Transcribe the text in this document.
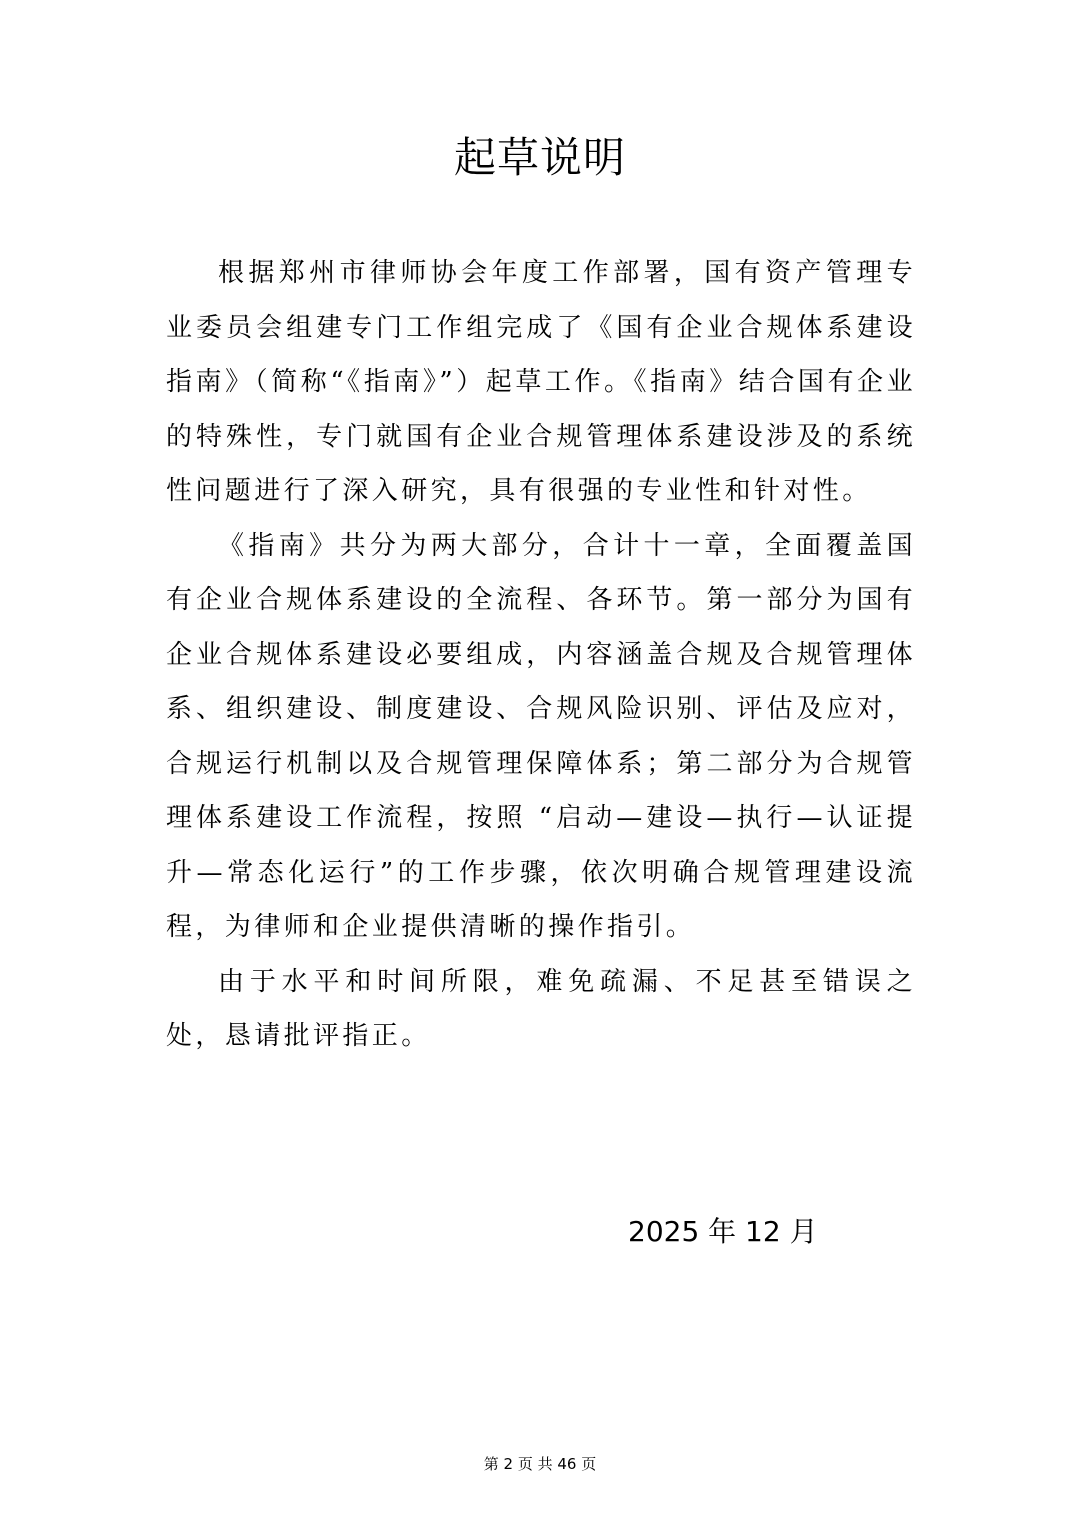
起草说明

根据郑州市律师协会年度工作部署，国有资产管理专业委员会组建专门工作组完成了《国有企业合规体系建设指南》（简称“《指南》”）起草工作。《指南》结合国有企业的特殊性，专门就国有企业合规管理体系建设涉及的系统性问题进行了深入研究，具有很强的专业性和针对性。

《指南》共分为两大部分，合计十一章，全面覆盖国有企业合规体系建设的全流程、各环节。第一部分为国有企业合规体系建设必要组成，内容涵盖合规及合规管理体系、组织建设、制度建设、合规风险识别、评估及应对，合规运行机制以及合规管理保障体系；第二部分为合规管理体系建设工作流程，按照 “启动—建设—执行—认证提升—常态化运行”的工作步骤，依次明确合规管理建设流程，为律师和企业提供清晰的操作指引。

由于水平和时间所限，难免疏漏、不足甚至错误之处，恳请批评指正。

2025 年 12 月
第 2 页 共 46 页
